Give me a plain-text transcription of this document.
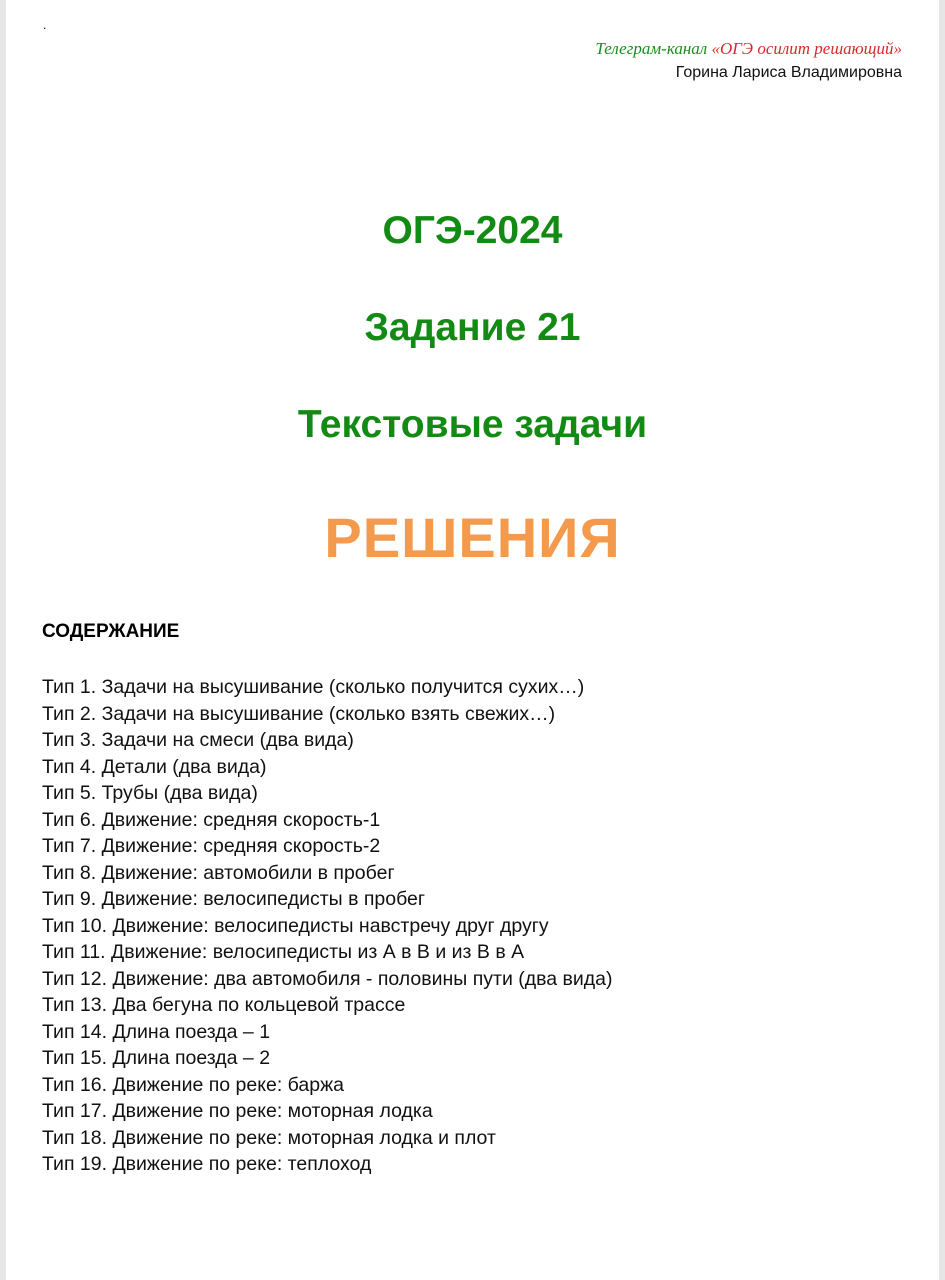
.
Телеграм-канал «ОГЭ осилит решающий»
Горина Лариса Владимировна
ОГЭ-2024
Задание 21
Текстовые задачи
РЕШЕНИЯ
СОДЕРЖАНИЕ
Тип 1. Задачи на высушивание (сколько получится сухих…)
Тип 2. Задачи на высушивание (сколько взять свежих…)
Тип 3. Задачи на смеси (два вида)
Тип 4. Детали (два вида)
Тип 5. Трубы (два вида)
Тип 6. Движение: средняя скорость-1
Тип 7. Движение: средняя скорость-2
Тип 8. Движение: автомобили в пробег
Тип 9. Движение: велосипедисты в пробег
Тип 10. Движение: велосипедисты навстречу друг другу
Тип 11. Движение: велосипедисты из А в В и из В в А
Тип 12. Движение: два автомобиля - половины пути (два вида)
Тип 13. Два бегуна по кольцевой трассе
Тип 14. Длина поезда – 1
Тип 15. Длина поезда – 2
Тип 16. Движение по реке: баржа
Тип 17. Движение по реке: моторная лодка
Тип 18. Движение по реке: моторная лодка и плот
Тип 19. Движение по реке: теплоход
